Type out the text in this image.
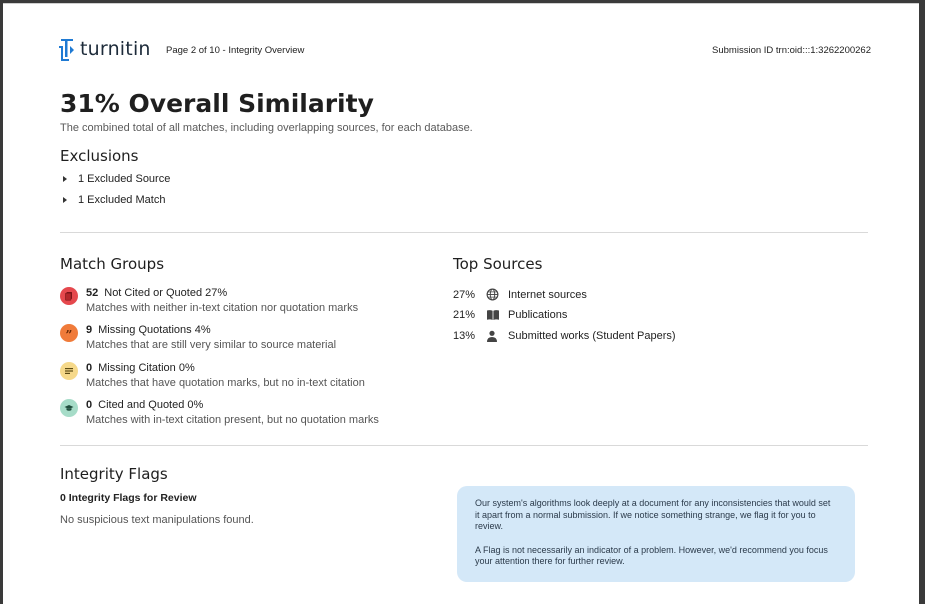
turnitin Page 2 of 10 - Integrity Overview	Submission ID trn:oid:::1:3262200262
31% Overall Similarity
The combined total of all matches, including overlapping sources, for each database.
Exclusions
1 Excluded Source
1 Excluded Match
Match Groups
52 Not Cited or Quoted 27%
Matches with neither in-text citation nor quotation marks
” 9 Missing Quotations 4%
Matches that are still very similar to source material
0 Missing Citation 0%
Matches that have quotation marks, but no in-text citation
0 Cited and Quoted 0%
Matches with in-text citation present, but no quotation marks
Top Sources
27%	Internet sources
21%	Publications
13%	Submitted works (Student Papers)
Integrity Flags
0 Integrity Flags for Review
No suspicious text manipulations found.

Our system's algorithms look deeply at a document for any inconsistencies that would set it apart from a normal submission. If we notice something strange, we flag it for you to review.

A Flag is not necessarily an indicator of a problem. However, we'd recommend you focus your attention there for further review.
